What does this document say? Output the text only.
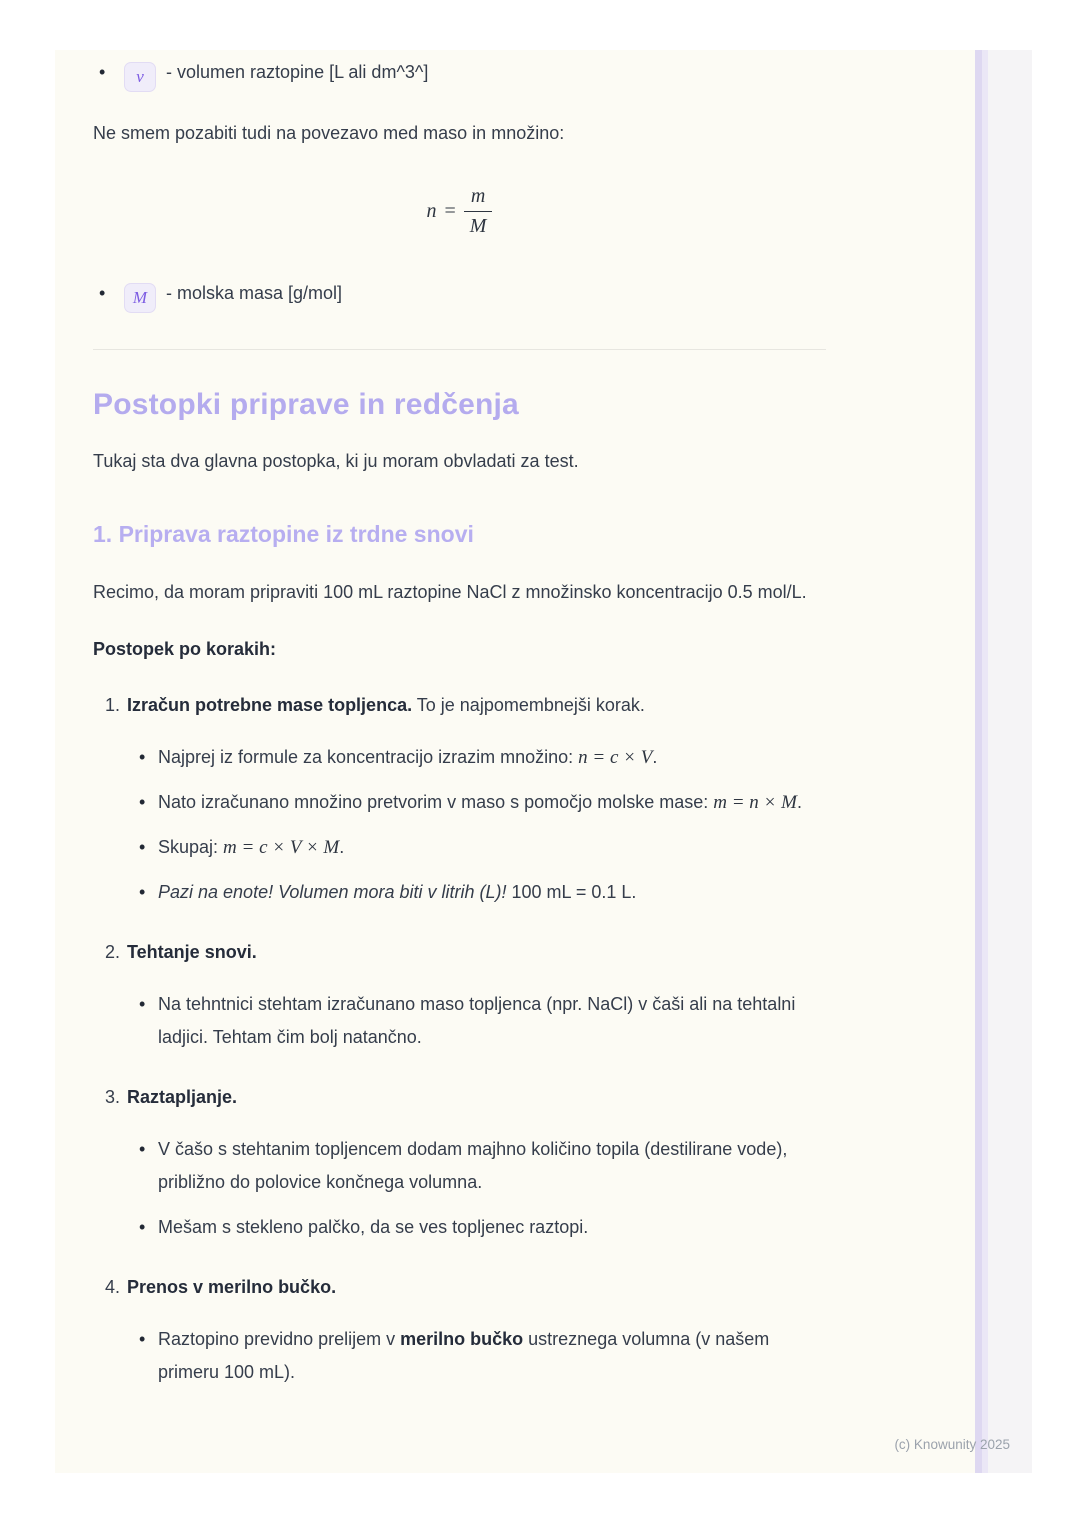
• v - volumen raztopine [L ali dm^3^]

Ne smem pozabiti tudi na povezavo med maso in množino:

$n = \frac{m}{M}$
• M - molska masa [g/mol]
Postopki priprave in redčenja

Tukaj sta dva glavna postopka, ki ju moram obvladati za test.

1. Priprava raztopine iz trdne snovi

Recimo, da moram pripraviti 100 mL raztopine NaCl z množinsko koncentracijo 0.5 mol/L.

Postopek po korakih:

1. Izračun potrebne mase topljenca. To je najpomembnejši korak.
• Najprej iz formule za koncentracijo izrazim množino: n = c × V.
• Nato izračunano množino pretvorim v maso s pomočjo molske mase: m = n × M.
• Skupaj: m = c × V × M.
• Pazi na enote! Volumen mora biti v litrih (L)! 100 mL = 0.1 L.
2. Tehtanje snovi.
• Na tehntnici stehtam izračunano maso topljenca (npr. NaCl) v čaši ali na tehtalni ladjici. Tehtam čim bolj natančno.
3. Raztapljanje.
• V čašo s stehtanim topljencem dodam majhno količino topila (destilirane vode), približno do polovice končnega volumna.
• Mešam s stekleno palčko, da se ves topljenec raztopi.
4. Prenos v merilno bučko.
• Raztopino previdno prelijem v merilno bučko ustreznega volumna (v našem primeru 100 mL).
(c) Knowunity 2025
